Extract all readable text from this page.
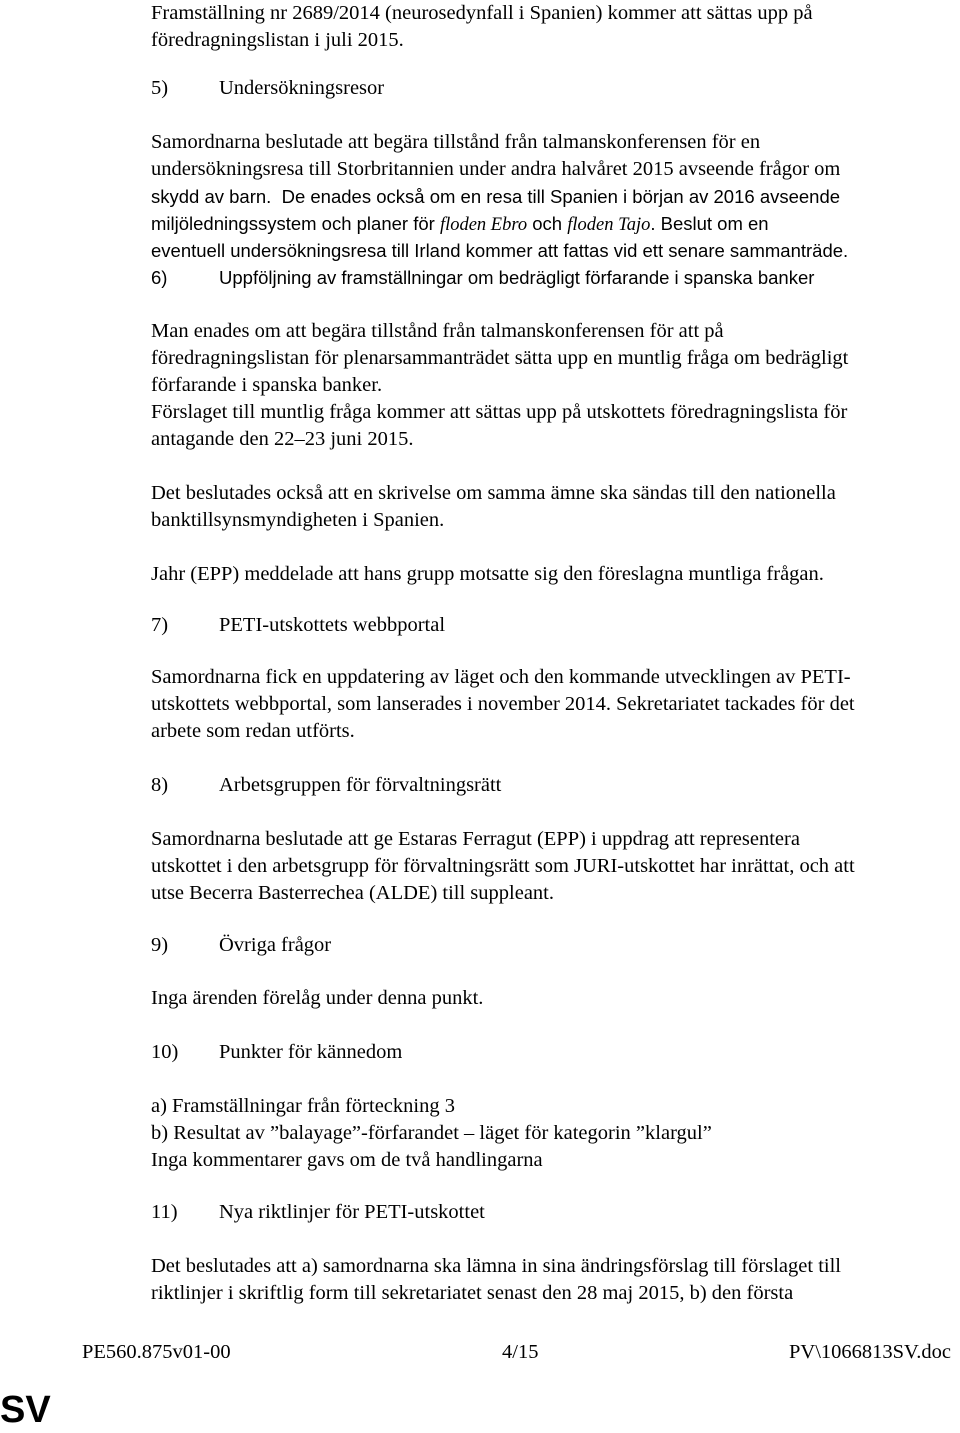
Framställning nr 2689/2014 (neurosedynfall i Spanien) kommer att sättas upp på
föredragningslistan i juli 2015.
5) Undersökningsresor
Samordnarna beslutade att begära tillstånd från talmanskonferensen för en
undersökningsresa till Storbritannien under andra halvåret 2015 avseende frågor om
skydd av barn. De enades också om en resa till Spanien i början av 2016 avseende
miljöledningssystem och planer för floden Ebro och floden Tajo. Beslut om en
eventuell undersökningsresa till Irland kommer att fattas vid ett senare sammanträde.
6)	Uppföljning av framställningar om bedrägligt förfarande i spanska banker
Man enades om att begära tillstånd från talmanskonferensen för att på
föredragningslistan för plenarsammanträdet sätta upp en muntlig fråga om bedrägligt
förfarande i spanska banker.
Förslaget till muntlig fråga kommer att sättas upp på utskottets föredragningslista för
antagande den 22–23 juni 2015.
Det beslutades också att en skrivelse om samma ämne ska sändas till den nationella
banktillsynsmyndigheten i Spanien.
Jahr (EPP) meddelade att hans grupp motsatte sig den föreslagna muntliga frågan.
7) PETI-utskottets webbportal
Samordnarna fick en uppdatering av läget och den kommande utvecklingen av PETI-
utskottets webbportal, som lanserades i november 2014. Sekretariatet tackades för det
arbete som redan utförts.
8) Arbetsgruppen för förvaltningsrätt
Samordnarna beslutade att ge Estaras Ferragut (EPP) i uppdrag att representera
utskottet i den arbetsgrupp för förvaltningsrätt som JURI-utskottet har inrättat, och att
utse Becerra Basterrechea (ALDE) till suppleant.
9) Övriga frågor
Inga ärenden förelåg under denna punkt.
10) Punkter för kännedom
a) Framställningar från förteckning 3
b) Resultat av ”balayage”-förfarandet – läget för kategorin ”klargul”
Inga kommentarer gavs om de två handlingarna
11) Nya riktlinjer för PETI-utskottet
Det beslutades att a) samordnarna ska lämna in sina ändringsförslag till förslaget till
riktlinjer i skriftlig form till sekretariatet senast den 28 maj 2015, b) den första
PE560.875v01-00	4/15	PV\1066813SV.doc
SV
